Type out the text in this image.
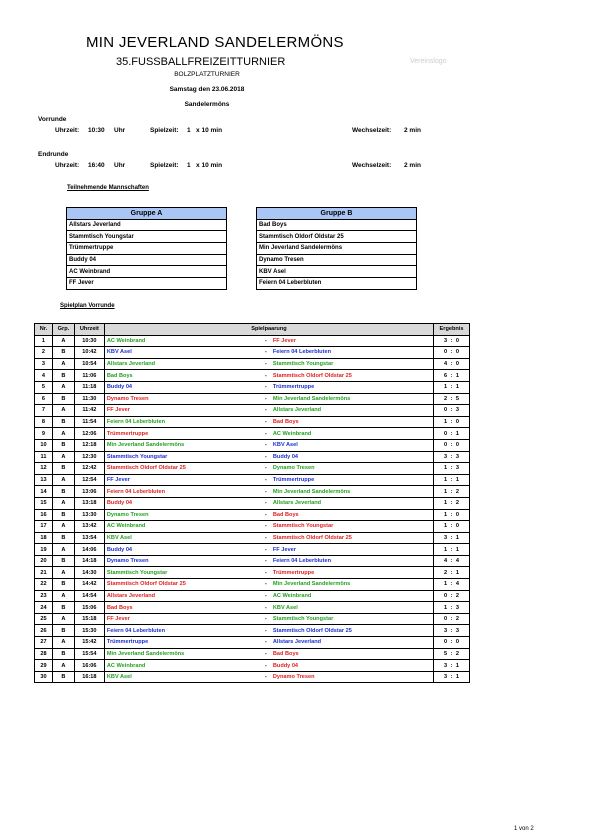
MIN JEVERLAND SANDELERMÖNS
35.FUSSBALLFREIZEITTURNIER	Vereinslogo
BOLZPLATZTURNIER
Samstag den 23.06.2018
Sandelermöns
Vorrunde
Uhrzeit: 10:30 Uhr	Spielzeit: 1   x 10 min	Wechselzeit: 2 min
Endrunde
Uhrzeit: 16:40 Uhr	Spielzeit: 1   x 10 min	Wechselzeit: 2 min
Teilnehmende Mannschaften
Gruppe A
Allstars Jeverland
Stammtisch Youngstar
Trümmertruppe
Buddy 04
AC Weinbrand
FF Jever
Gruppe B
Bad Boys
Stammtisch Oldorf Oldstar 25
Min Jeverland Sandelermöns
Dynamo Tresen
KBV Asel
Feiern 04 Leberbluten
Spielplan Vorrunde
Nr.	Grp.	Uhrzeit	Spielpaarung	Ergebnis
1	A	10:30	AC Weinbrand - FF Jever	3 : 0

2	B	10:42	KBV Asel - Feiern 04 Leberbluten	0 : 0

3	A	10:54	Allstars Jeverland - Stammtisch Youngstar	4 : 0

4	B	11:06	Bad Boys - Stammtisch Oldorf Oldstar 25	6 : 1

5	A	11:18	Buddy 04 - Trümmertruppe	1 : 1

6	B	11:30	Dynamo Tresen - Min Jeverland Sandelermöns	2 : 5

7	A	11:42	FF Jever - Allstars Jeverland	0 : 3

8	B	11:54	Feiern 04 Leberbluten - Bad Boys	1 : 0

9	A	12:06	Trümmertruppe - AC Weinbrand	0 : 1

10	B	12:18	Min Jeverland Sandelermöns - KBV Asel	0 : 0

11	A	12:30	Stammtisch Youngstar - Buddy 04	3 : 3

12	B	12:42	Stammtisch Oldorf Oldstar 25 - Dynamo Tresen	1 : 3

13	A	12:54	FF Jever - Trümmertruppe	1 : 1

14	B	13:06	Feiern 04 Leberbluten - Min Jeverland Sandelermöns	1 : 2

15	A	13:18	Buddy 04 - Allstars Jeverland	1 : 2

16	B	13:30	Dynamo Tresen - Bad Boys	1 : 0

17	A	13:42	AC Weinbrand - Stammtisch Youngstar	1 : 0

18	B	13:54	KBV Asel - Stammtisch Oldorf Oldstar 25	3 : 1

19	A	14:06	Buddy 04 - FF Jever	1 : 1

20	B	14:18	Dynamo Tresen - Feiern 04 Leberbluten	4 : 4

21	A	14:30	Stammtisch Youngstar - Trümmertruppe	2 : 1

22	B	14:42	Stammtisch Oldorf Oldstar 25 - Min Jeverland Sandelermöns	1 : 4

23	A	14:54	Allstars Jeverland - AC Weinbrand	0 : 2

24	B	15:06	Bad Boys - KBV Asel	1 : 3

25	A	15:18	FF Jever - Stammtisch Youngstar	0 : 2

26	B	15:30	Feiern 04 Leberbluten - Stammtisch Oldorf Oldstar 25	3 : 3

27	A	15:42	Trümmertruppe - Allstars Jeverland	0 : 0

28	B	15:54	Min Jeverland Sandelermöns - Bad Boys	5 : 2

29	A	16:06	AC Weinbrand - Buddy 04	3 : 1

30	B	16:18	KBV Asel - Dynamo Tresen	3 : 1
1 von 2
